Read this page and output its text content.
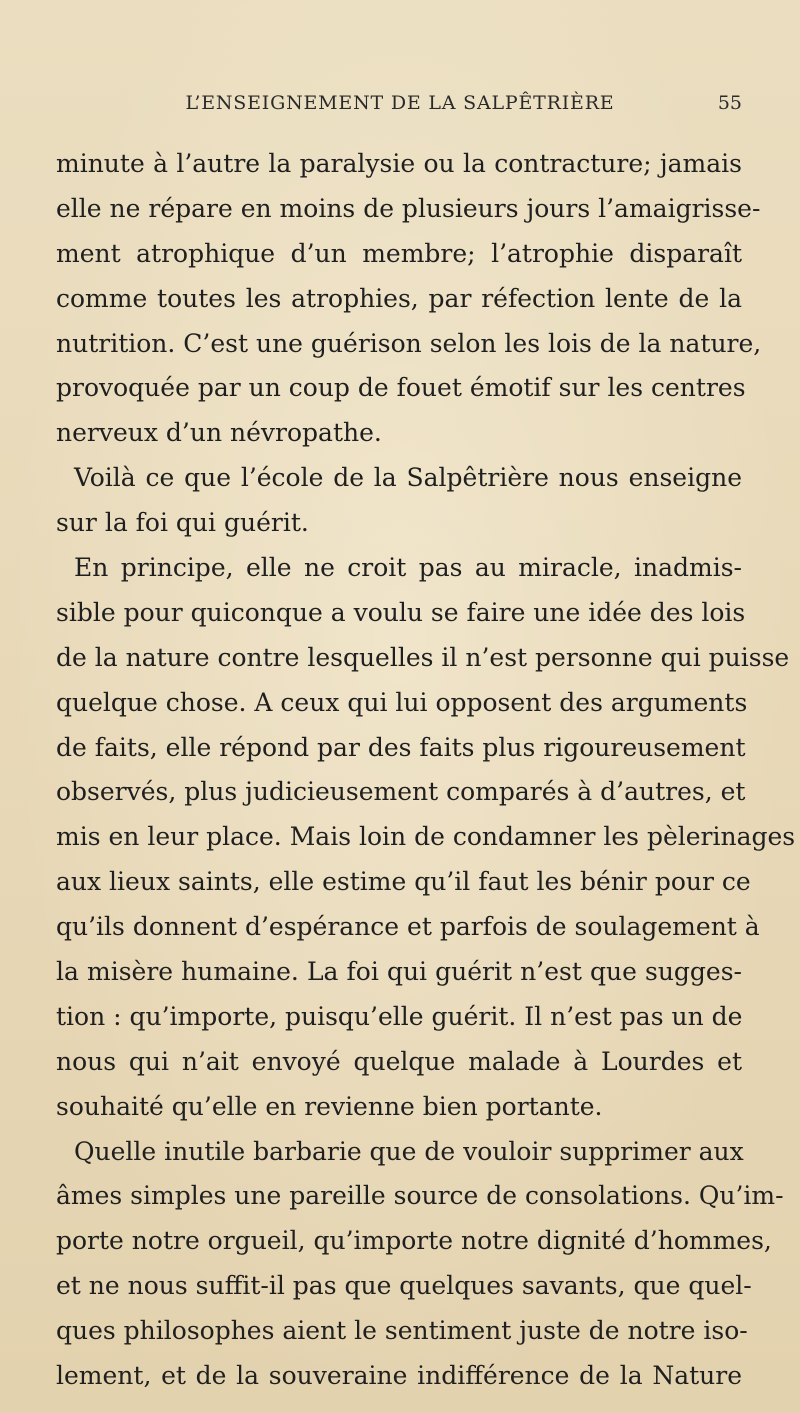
L’ENSEIGNEMENT DE LA SALPÊTRIÈRE	55
minute à l’autre la paralysie ou la contracture; jamais
elle ne répare en moins de plusieurs jours l’amaigrisse-
ment atrophique d’un membre; l’atrophie disparaît
comme toutes les atrophies, par réfection lente de la
nutrition. C’est une guérison selon les lois de la nature,
provoquée par un coup de fouet émotif sur les centres
nerveux d’un névropathe.
Voilà ce que l’école de la Salpêtrière nous enseigne
sur la foi qui guérit.
En principe, elle ne croit pas au miracle, inadmis-
sible pour quiconque a voulu se faire une idée des lois
de la nature contre lesquelles il n’est personne qui puisse
quelque chose. A ceux qui lui opposent des arguments
de faits, elle répond par des faits plus rigoureusement
observés, plus judicieusement comparés à d’autres, et
mis en leur place. Mais loin de condamner les pèlerinages
aux lieux saints, elle estime qu’il faut les bénir pour ce
qu’ils donnent d’espérance et parfois de soulagement à
la misère humaine. La foi qui guérit n’est que sugges-
tion : qu’importe, puisqu’elle guérit. Il n’est pas un de
nous qui n’ait envoyé quelque malade à Lourdes et
souhaité qu’elle en revienne bien portante.
Quelle inutile barbarie que de vouloir supprimer aux
âmes simples une pareille source de consolations. Qu’im-
porte notre orgueil, qu’importe notre dignité d’hommes,
et ne nous suffit-il pas que quelques savants, que quel-
ques philosophes aient le sentiment juste de notre iso-
lement, et de la souveraine indifférence de la Nature
